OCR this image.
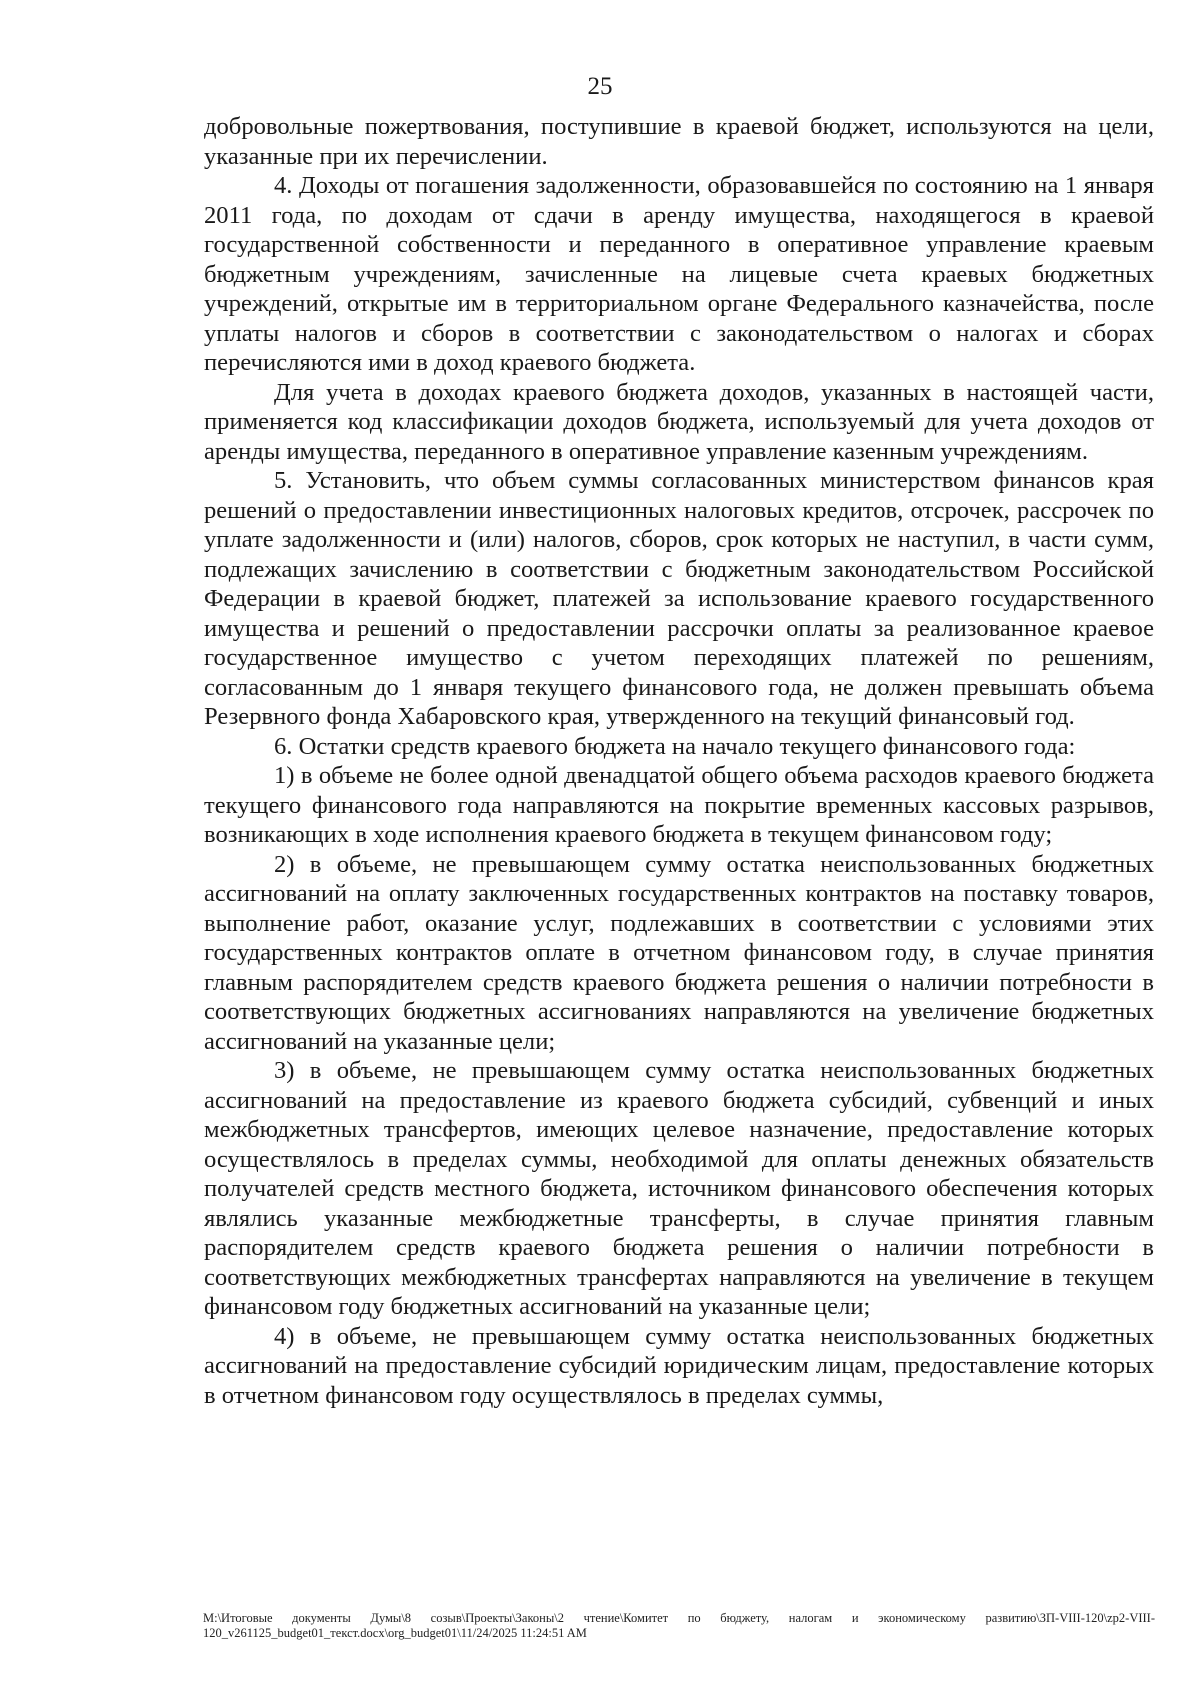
25

добровольные пожертвования, поступившие в краевой бюджет, используются на цели, указанные при их перечислении.

4. Доходы от погашения задолженности, образовавшейся по состоянию на 1 января 2011 года, по доходам от сдачи в аренду имущества, находящегося в краевой государственной собственности и переданного в оперативное управление краевым бюджетным учреждениям, зачисленные на лицевые счета краевых бюджетных учреждений, открытые им в территориальном органе Федерального казначейства, после уплаты налогов и сборов в соответствии с законодательством о налогах и сборах перечисляются ими в доход краевого бюджета.

Для учета в доходах краевого бюджета доходов, указанных в настоящей части, применяется код классификации доходов бюджета, используемый для учета доходов от аренды имущества, переданного в оперативное управление казенным учреждениям.

5. Установить, что объем суммы согласованных министерством финансов края решений о предоставлении инвестиционных налоговых кредитов, отсрочек, рассрочек по уплате задолженности и (или) налогов, сборов, срок которых не наступил, в части сумм, подлежащих зачислению в соответствии с бюджетным законодательством Российской Федерации в краевой бюджет, платежей за использование краевого государственного имущества и решений о предоставлении рассрочки оплаты за реализованное краевое государственное имущество с учетом переходящих платежей по решениям, согласованным до 1 января текущего финансового года, не должен превышать объема Резервного фонда Хабаровского края, утвержденного на текущий финансовый год.

6. Остатки средств краевого бюджета на начало текущего финансового года:

1) в объеме не более одной двенадцатой общего объема расходов краевого бюджета текущего финансового года направляются на покрытие временных кассовых разрывов, возникающих в ходе исполнения краевого бюджета в текущем финансовом году;

2) в объеме, не превышающем сумму остатка неиспользованных бюджетных ассигнований на оплату заключенных государственных контрактов на поставку товаров, выполнение работ, оказание услуг, подлежавших в соответствии с условиями этих государственных контрактов оплате в отчетном финансовом году, в случае принятия главным распорядителем средств краевого бюджета решения о наличии потребности в соответствующих бюджетных ассигнованиях направляются на увеличение бюджетных ассигнований на указанные цели;

3) в объеме, не превышающем сумму остатка неиспользованных бюджетных ассигнований на предоставление из краевого бюджета субсидий, субвенций и иных межбюджетных трансфертов, имеющих целевое назначение, предоставление которых осуществлялось в пределах суммы, необходимой для оплаты денежных обязательств получателей средств местного бюджета, источником финансового обеспечения которых являлись указанные межбюджетные трансферты, в случае принятия главным распорядителем средств краевого бюджета решения о наличии потребности в соответствующих межбюджетных трансфертах направляются на увеличение в текущем финансовом году бюджетных ассигнований на указанные цели;

4) в объеме, не превышающем сумму остатка неиспользованных бюджетных ассигнований на предоставление субсидий юридическим лицам, предоставление которых в отчетном финансовом году осуществлялось в пределах суммы,

М:\Итоговые документы Думы\8 созыв\Проекты\Законы\2 чтение\Комитет по бюджету, налогам и экономическому развитию\ЗП-VIII-120\zp2-VIII-120_v261125_budget01_текст.docx\org_budget01\11/24/2025 11:24:51 AM
